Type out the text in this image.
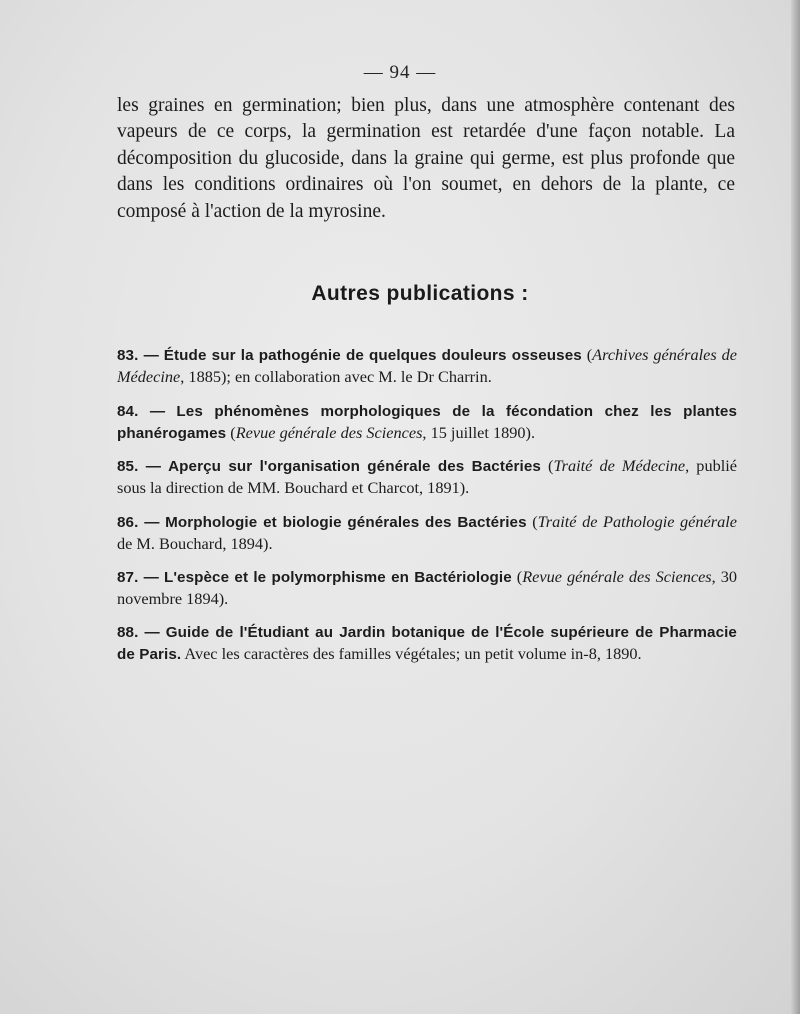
— 94 —

les graines en germination; bien plus, dans une atmosphère contenant des
vapeurs de ce corps, la germination est retardée d'une façon notable. La
décomposition du glucoside, dans la graine qui germe, est plus profonde que
dans les conditions ordinaires où l'on soumet, en dehors de la plante, ce
composé à l'action de la myrosine.

Autres publications :

83. — Étude sur la pathogénie de quelques douleurs osseuses (Archives générales de Médecine, 1885); en collaboration avec M. le Dr Charrin.

84. — Les phénomènes morphologiques de la fécondation chez les plantes phanérogames (Revue générale des Sciences, 15 juillet 1890).

85. — Aperçu sur l'organisation générale des Bactéries (Traité de Médecine, publié sous la direction de MM. Bouchard et Charcot, 1891).

86. — Morphologie et biologie générales des Bactéries (Traité de Pathologie générale de M. Bouchard, 1894).

87. — L'espèce et le polymorphisme en Bactériologie (Revue générale des Sciences, 30 novembre 1894).

88. — Guide de l'Étudiant au Jardin botanique de l'École supérieure de Pharmacie de Paris. Avec les caractères des familles végétales; un petit volume in-8, 1890.
